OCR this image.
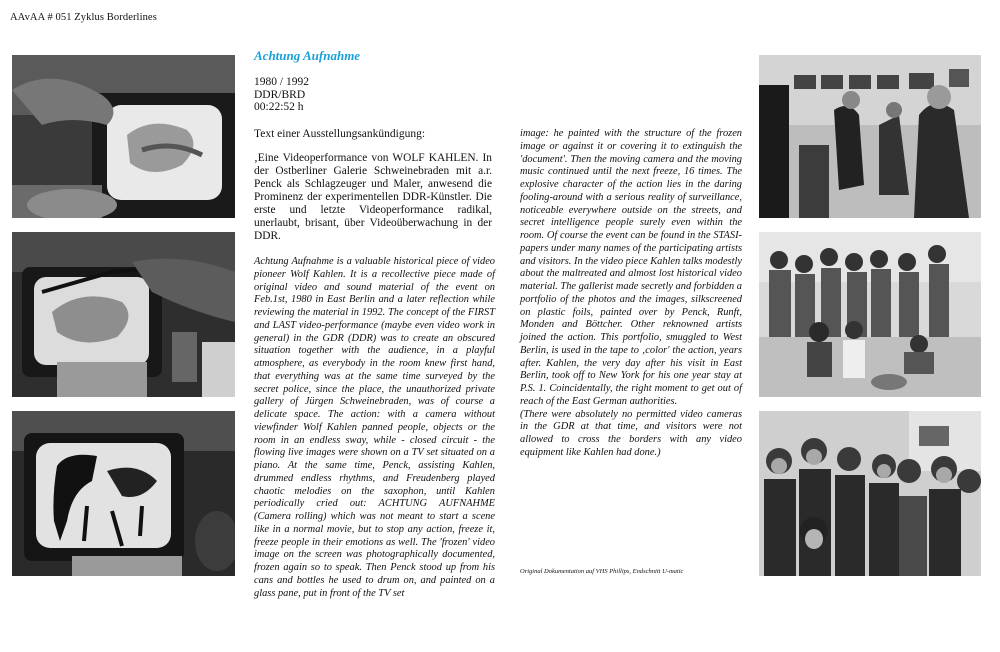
AAvAA # 051 Zyklus Borderlines
Achtung Aufnahme
1980 / 1992
DDR/BRD
00:22:52 h
Text einer Ausstellungsankündigung:
‚Eine Videoperformance von WOLF KAHLEN. In der Ostberliner Galerie Schweinebraden mit a.r. Penck als Schlagzeuger und Maler, anwesend die Prominenz der experimentellen DDR-Künstler. Die erste und letzte Videoperformance radikal, unerlaubt, brisant, über Videoüberwachung in der DDR.
Achtung Aufnahme is a valuable historical piece of video pioneer Wolf Kahlen. It is a recollective piece made of original video and sound material of the event on Feb.1st, 1980 in East Berlin and a later reflection while reviewing the material in 1992. The concept of the FIRST and LAST video-performance (maybe even video work in general) in the GDR (DDR) was to create an obscured situation together with the audience, in a playful atmosphere, as everybody in the room knew first hand, that everything was at the same time surveyed by the secret police, since the place, the unauthorized private gallery of Jürgen Schweinebraden, was of course a delicate space. The action: with a camera without viewfinder Wolf Kahlen panned people, objects or the room in an endless sway, while - closed circuit - the flowing live images were shown on a TV set situated on a piano. At the same time, Penck, assisting Kahlen, drummed endless rhythms, and Freudenberg played chaotic melodies on the saxophon, until Kahlen periodically cried out: ACHTUNG AUFNAHME (Camera rolling) which was not meant to start a scene like in a normal movie, but to stop any action, freeze it, freeze people in their emotions as well. The 'frozen' video image on the screen was photographically documented, frozen again so to speak. Then Penck stood up from his cans and bottles he used to drum on, and painted on a glass pane, put in front of the TV set

image: he painted with the structure of the frozen image or against it or covering it to extinguish the 'document'. Then the moving camera and the moving music continued until the next freeze, 16 times. The explosive character of the action lies in the daring fooling-around with a serious reality of surveillance, noticeable everywhere outside on the streets, and secret intelligence people surely even within the room. Of course the event can be found in the STASI-papers under many names of the participating artists and visitors. In the video piece Kahlen talks modestly about the maltreated and almost lost historical video material. The gallerist made secretly and forbidden a portfolio of the photos and the images, silkscreened on plastic foils, painted over by Penck, Runft, Monden and Böttcher. Other reknowned artists joined the action. This portfolio, smuggled to West Berlin, is used in the tape to ‚color' the action, years after. Kahlen, the very day after his visit in East Berlin, took off to New York for his one year stay at P.S. 1. Coincidentally, the right moment to get out of reach of the East German authorities.

(There were absolutely no permitted video cameras in the GDR at that time, and visitors were not allowed to cross the borders with any video equipment like Kahlen had done.)

Original Dokumentation auf VHS Phillips, Endschnitt U-matic
